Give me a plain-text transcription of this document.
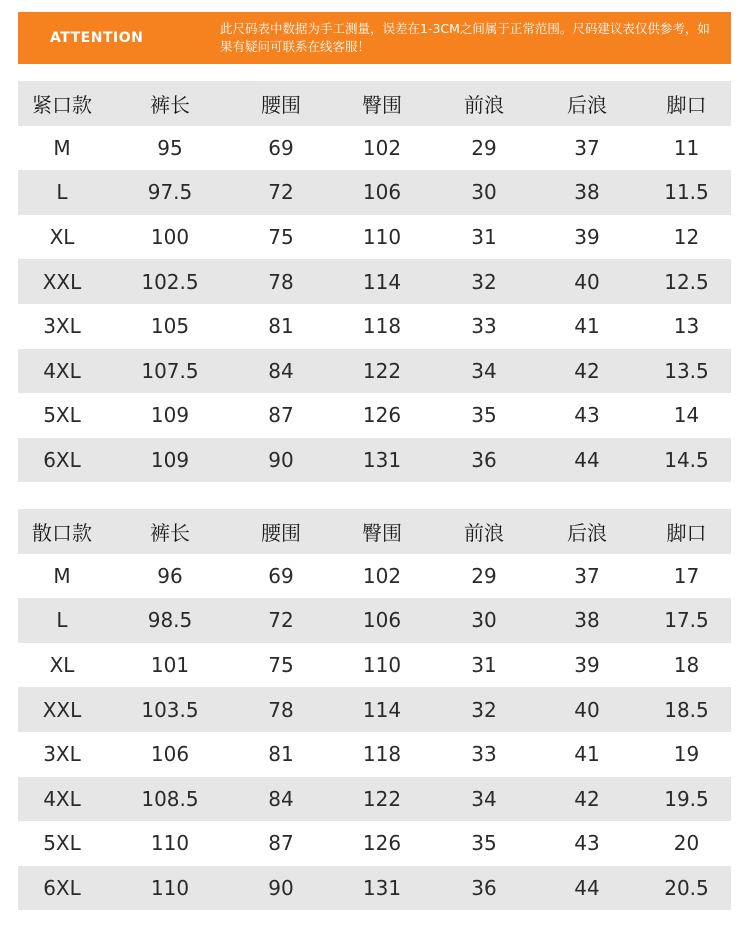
ATTENTION
此尺码表中数据为手工测量，误差在1-3CM之间属于正常范围。尺码建议表仅供参考，如果有疑问可联系在线客服！
紧口款	裤长	腰围	臀围	前浪	后浪	脚口
M	95	69	102	29	37	11
L	97.5	72	106	30	38	11.5
XL	100	75	110	31	39	12
XXL	102.5	78	114	32	40	12.5
3XL	105	81	118	33	41	13
4XL	107.5	84	122	34	42	13.5
5XL	109	87	126	35	43	14
6XL	109	90	131	36	44	14.5
散口款	裤长	腰围	臀围	前浪	后浪	脚口
M	96	69	102	29	37	17
L	98.5	72	106	30	38	17.5
XL	101	75	110	31	39	18
XXL	103.5	78	114	32	40	18.5
3XL	106	81	118	33	41	19
4XL	108.5	84	122	34	42	19.5
5XL	110	87	126	35	43	20
6XL	110	90	131	36	44	20.5
